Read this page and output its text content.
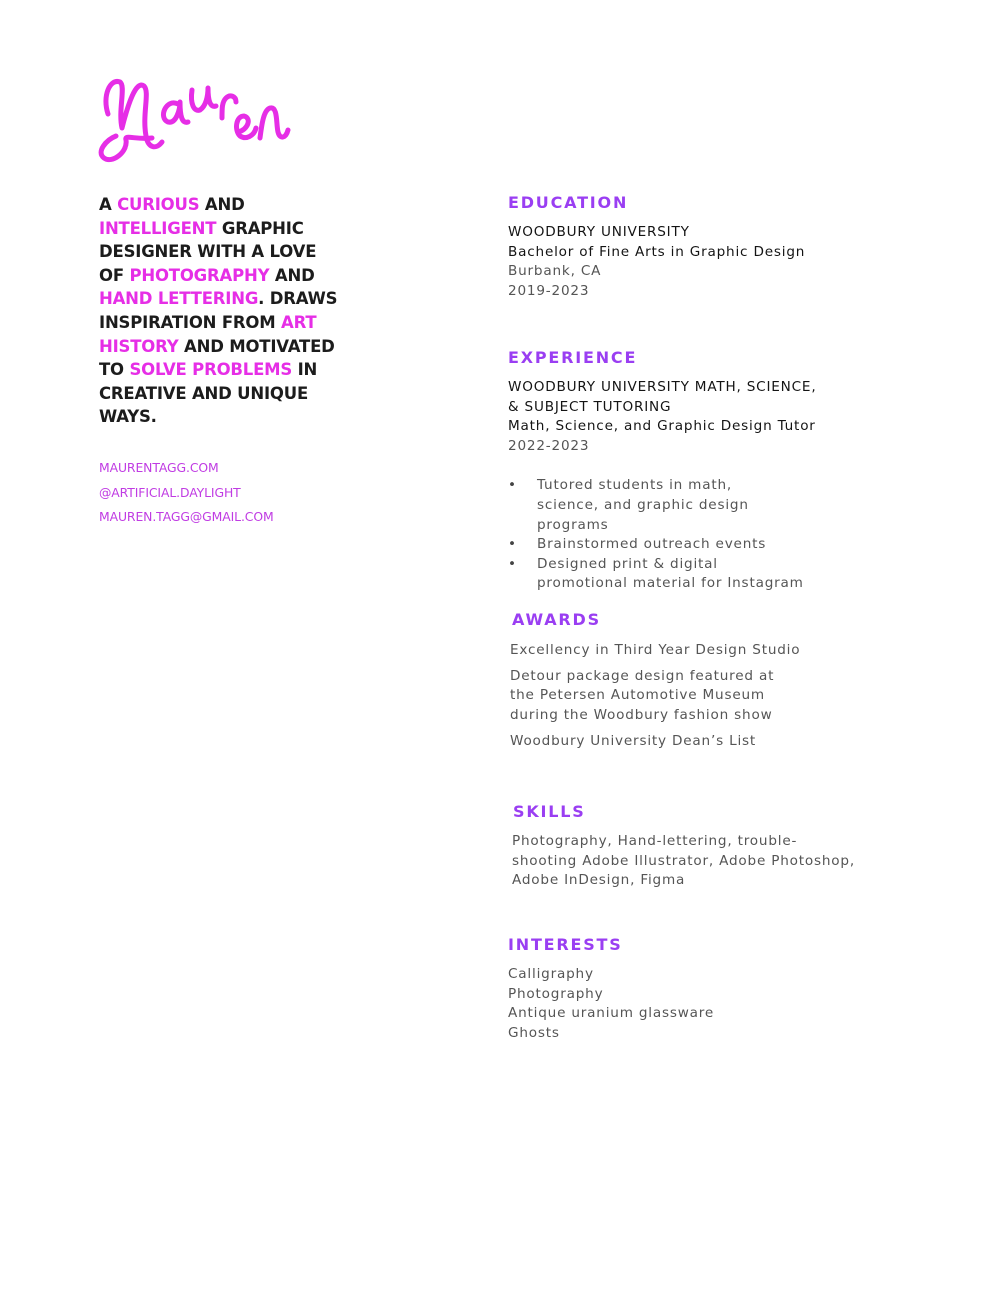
A CURIOUS AND INTELLIGENT GRAPHIC DESIGNER WITH A LOVE OF PHOTOGRAPHY AND HAND LETTERING. DRAWS INSPIRATION FROM ART HISTORY AND MOTIVATED TO SOLVE PROBLEMS IN CREATIVE AND UNIQUE WAYS.

MAURENTAGG.COM
@ARTIFICIAL.DAYLIGHT
MAUREN.TAGG@GMAIL.COM
EDUCATION

WOODBURY UNIVERSITY

Bachelor of Fine Arts in Graphic Design

Burbank, CA

2019-2023

EXPERIENCE

WOODBURY UNIVERSITY MATH, SCIENCE,

& SUBJECT TUTORING

Math, Science, and Graphic Design Tutor

2022-2023

• Tutored students in math, science, and graphic design programs
• Brainstormed outreach events
• Designed print & digital promotional material for Instagram
AWARDS

Excellency in Third Year Design Studio

Detour package design featured at the Petersen Automotive Museum during the Woodbury fashion show

Woodbury University Dean’s List

SKILLS

Photography, Hand-lettering, trouble-shooting Adobe Illustrator, Adobe Photoshop, Adobe InDesign, Figma

INTERESTS

Calligraphy

Photography

Antique uranium glassware

Ghosts
